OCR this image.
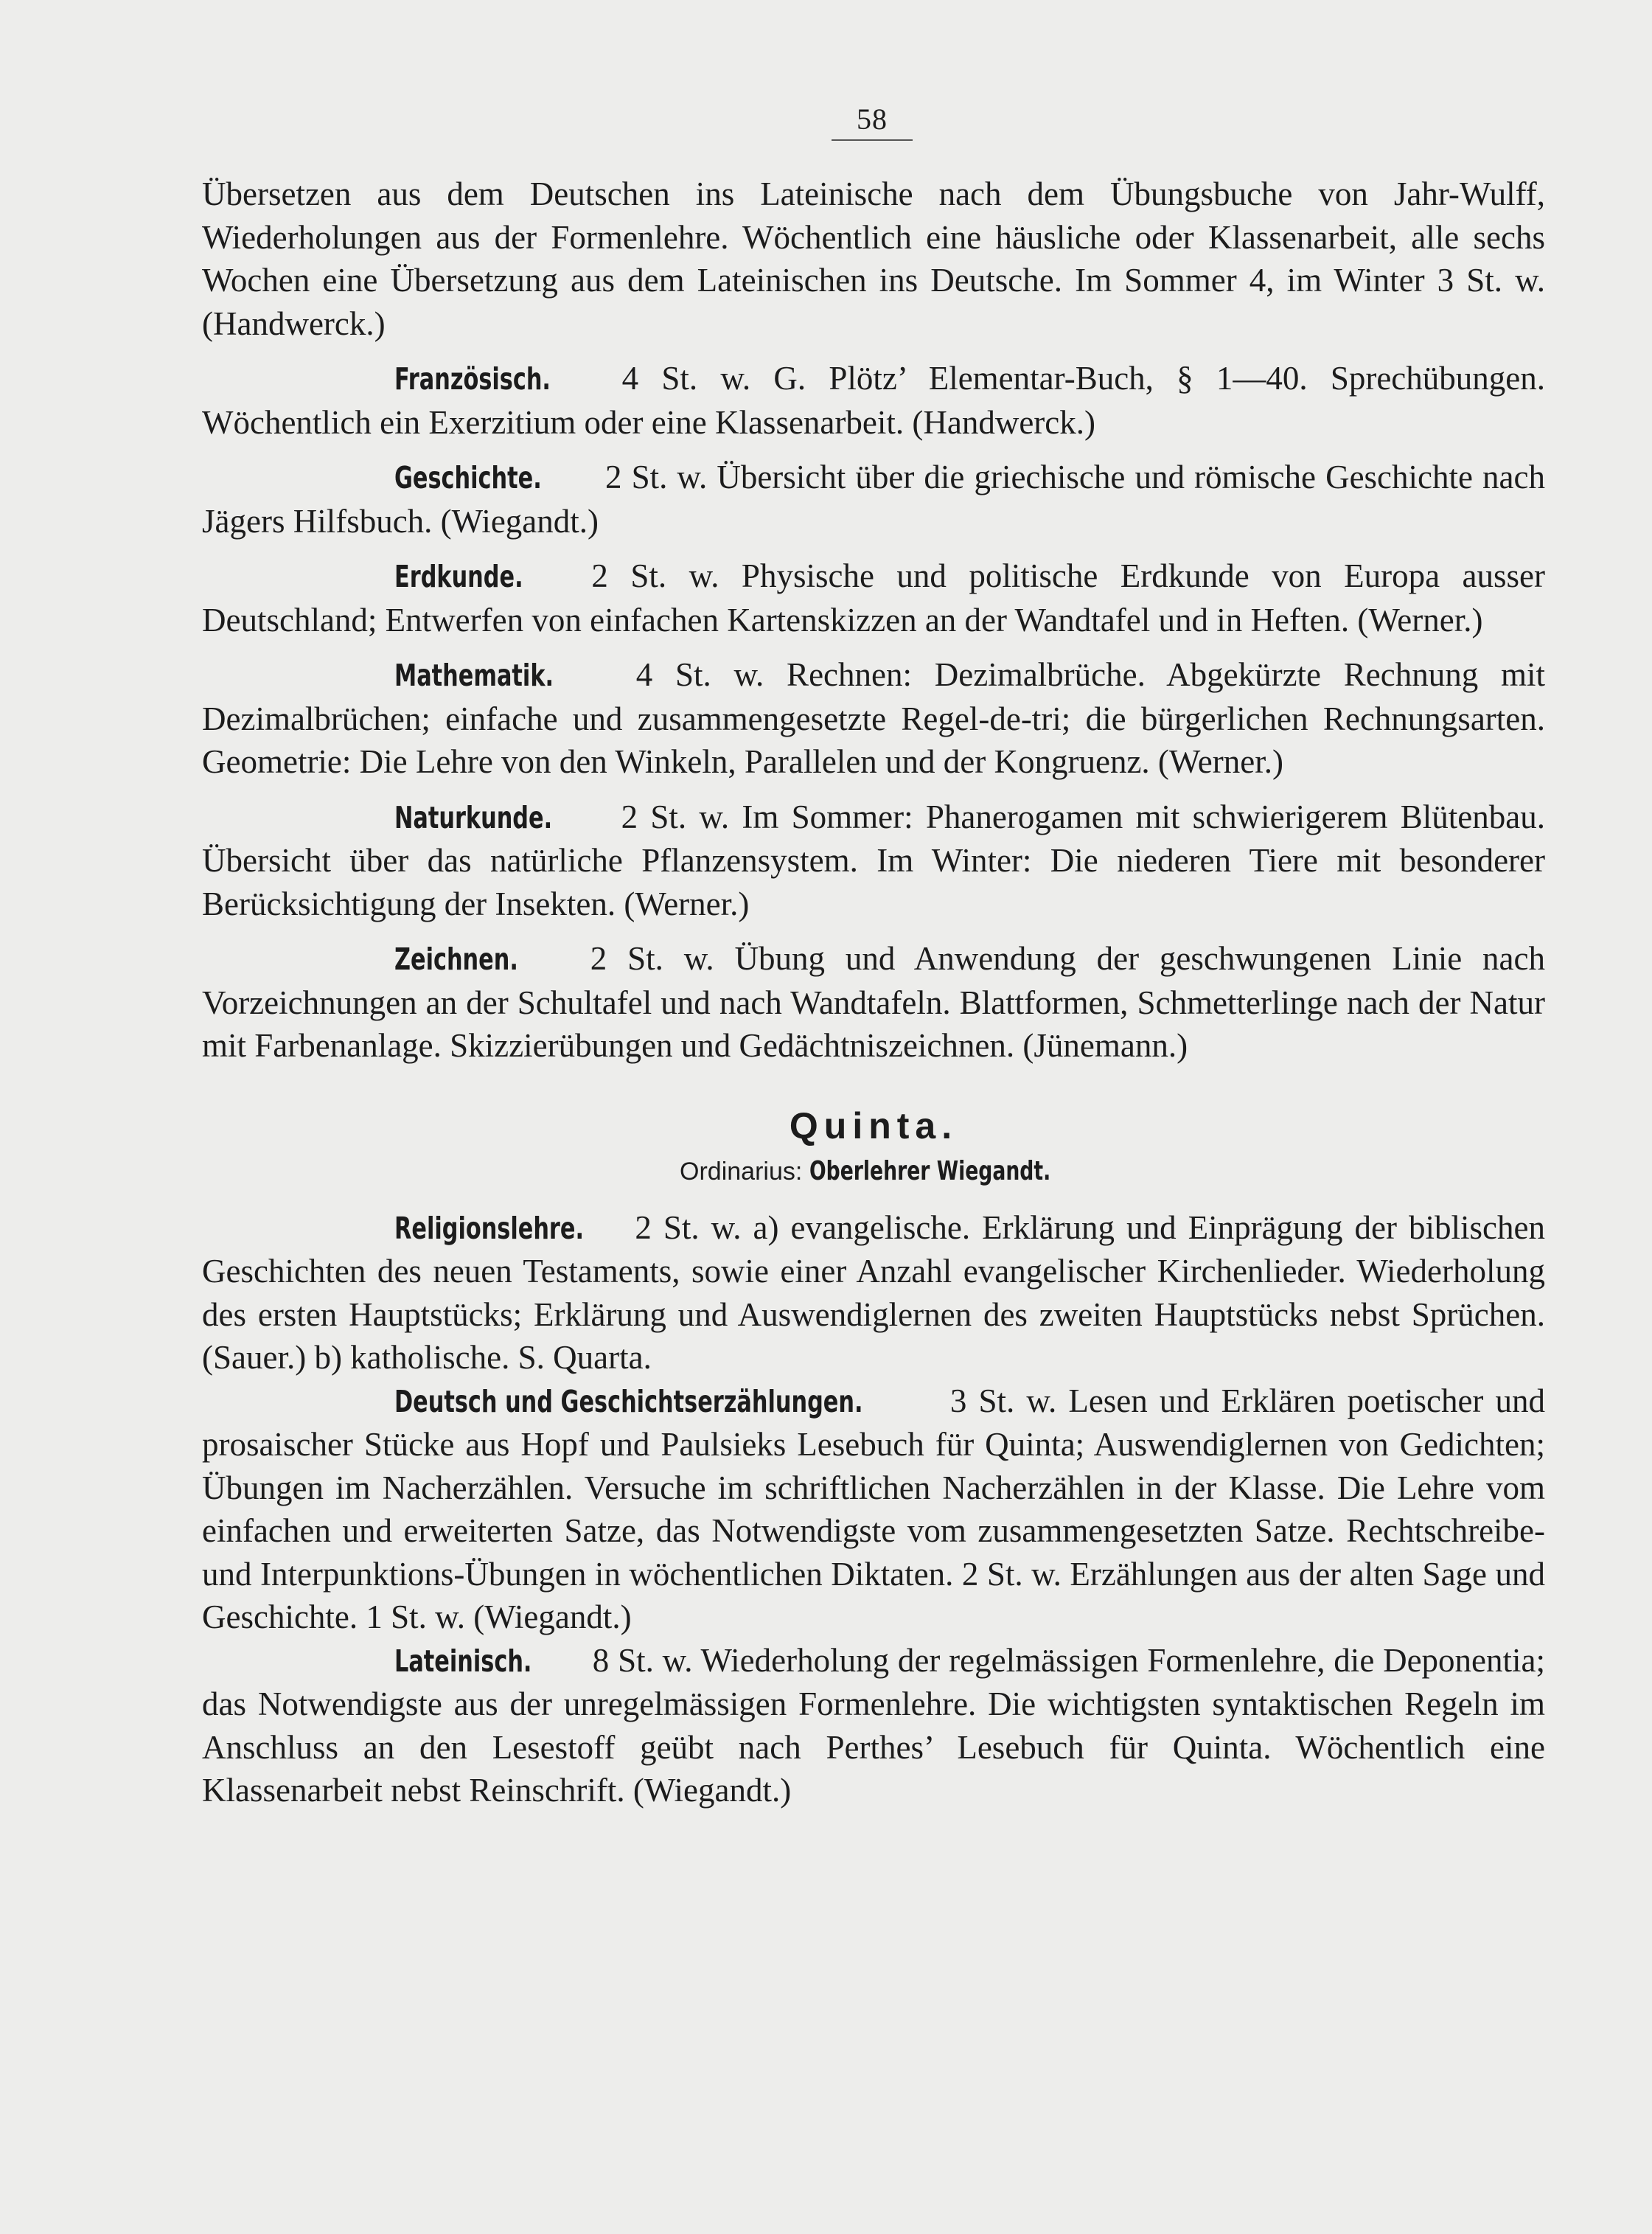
58

Übersetzen aus dem Deutschen ins Lateinische nach dem Übungsbuche von Jahr-Wulff, Wiederholungen aus der Formenlehre. Wöchentlich eine häusliche oder Klassenarbeit, alle sechs Wochen eine Übersetzung aus dem Lateinischen ins Deutsche. Im Sommer 4, im Winter 3 St. w. (Handwerck.)

Französisch. 4 St. w. G. Plötz’ Elementar-Buch, § 1—40. Sprechübungen. Wöchentlich ein Exerzitium oder eine Klassenarbeit. (Handwerck.)

Geschichte. 2 St. w. Übersicht über die griechische und römische Geschichte nach Jägers Hilfsbuch. (Wiegandt.)

Erdkunde. 2 St. w. Physische und politische Erdkunde von Europa ausser Deutschland; Entwerfen von einfachen Kartenskizzen an der Wandtafel und in Heften. (Werner.)

Mathematik. 4 St. w. Rechnen: Dezimalbrüche. Abgekürzte Rechnung mit Dezimalbrüchen; einfache und zusammengesetzte Regel-de-tri; die bürgerlichen Rechnungsarten. Geometrie: Die Lehre von den Winkeln, Parallelen und der Kongruenz. (Werner.)

Naturkunde. 2 St. w. Im Sommer: Phanerogamen mit schwierigerem Blütenbau. Übersicht über das natürliche Pflanzensystem. Im Winter: Die niederen Tiere mit besonderer Berücksichtigung der Insekten. (Werner.)

Zeichnen. 2 St. w. Übung und Anwendung der geschwungenen Linie nach Vorzeichnungen an der Schultafel und nach Wandtafeln. Blattformen, Schmetterlinge nach der Natur mit Farbenanlage. Skizzierübungen und Gedächtniszeichnen. (Jünemann.)

Quinta.
Ordinarius: Oberlehrer Wiegandt.

Religionslehre. 2 St. w. a) evangelische. Erklärung und Einprägung der biblischen Geschichten des neuen Testaments, sowie einer Anzahl evangelischer Kirchenlieder. Wiederholung des ersten Hauptstücks; Erklärung und Auswendiglernen des zweiten Hauptstücks nebst Sprüchen. (Sauer.) b) katholische. S. Quarta.

Deutsch und Geschichtserzählungen.	3 St. w. Lesen und Erklären poetischer und prosaischer Stücke aus Hopf und Paulsieks Lesebuch für Quinta; Auswendiglernen von Gedichten; Übungen im Nacherzählen. Versuche im schriftlichen Nacherzählen in der Klasse. Die Lehre vom einfachen und erweiterten Satze, das Notwendigste vom zusammengesetzten Satze. Rechtschreibe- und Interpunktions-Übungen in wöchentlichen Diktaten. 2 St. w. Erzählungen aus der alten Sage und Geschichte. 1 St. w. (Wiegandt.)

Lateinisch. 8 St. w. Wiederholung der regelmässigen Formenlehre, die Deponentia; das Notwendigste aus der unregelmässigen Formenlehre. Die wichtigsten syntaktischen Regeln im Anschluss an den Lesestoff geübt nach Perthes’ Lesebuch für Quinta. Wöchentlich eine Klassenarbeit nebst Reinschrift. (Wiegandt.)
